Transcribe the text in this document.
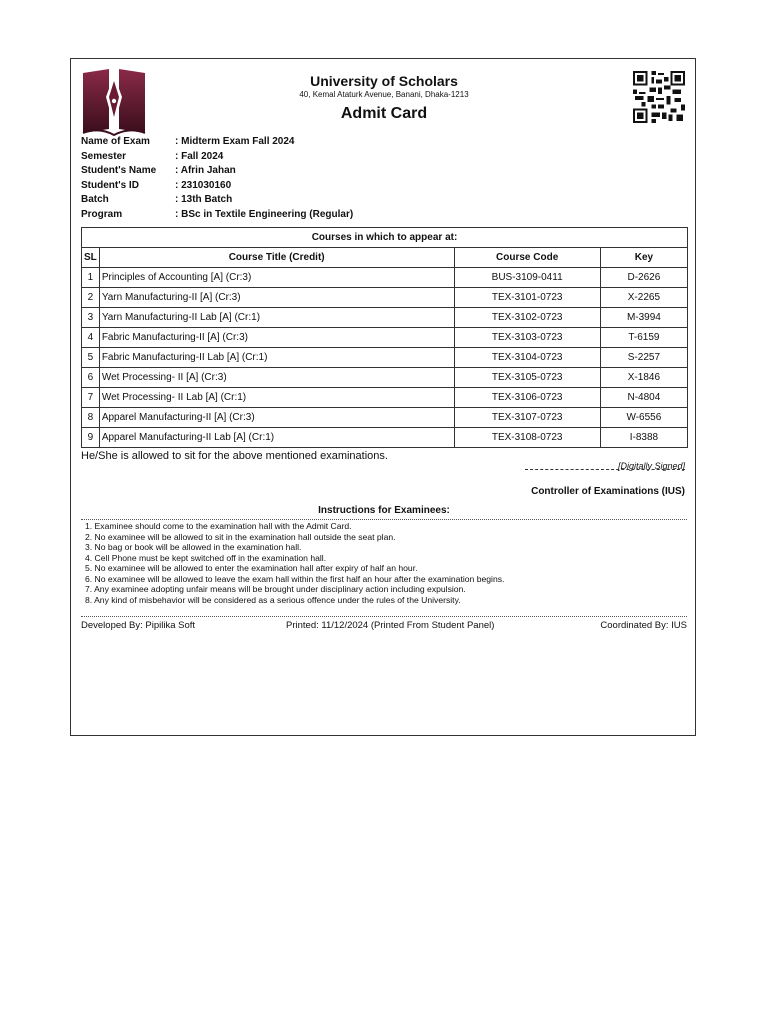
University of Scholars
40, Kemal Ataturk Avenue, Banani, Dhaka-1213
Admit Card
Name of Exam	: Midterm Exam Fall 2024
Semester	: Fall 2024
Student's Name : Afrin Jahan
Student's ID	: 231030160
Batch	: 13th Batch
Program	: BSc in Textile Engineering (Regular)
Courses in which to appear at:			
SL	Course Title (Credit)	Course Code	Key
1	Principles of Accounting [A] (Cr:3)	BUS-3109-0411	D-2626
2	Yarn Manufacturing-II [A] (Cr:3)	TEX-3101-0723	X-2265
3	Yarn Manufacturing-II Lab [A] (Cr:1)	TEX-3102-0723	M-3994
4	Fabric Manufacturing-II [A] (Cr:3)	TEX-3103-0723	T-6159
5	Fabric Manufacturing-II Lab [A] (Cr:1)	TEX-3104-0723	S-2257
6	Wet Processing- II [A] (Cr:3)	TEX-3105-0723	X-1846
7	Wet Processing- II Lab [A] (Cr:1)	TEX-3106-0723	N-4804
8	Apparel Manufacturing-II [A] (Cr:3)	TEX-3107-0723	W-6556
9	Apparel Manufacturing-II Lab [A] (Cr:1)	TEX-3108-0723	I-8388
He/She is allowed to sit for the above mentioned examinations.
[Digitally Signed]
Controller of Examinations (IUS)
Instructions for Examinees:
1. Examinee should come to the examination hall with the Admit Card.
2. No examinee will be allowed to sit in the examination hall outside the seat plan.
3. No bag or book will be allowed in the examination hall.
4. Cell Phone must be kept switched off in the examination hall.
5. No examinee will be allowed to enter the examination hall after expiry of half an hour.
6. No examinee will be allowed to leave the exam hall within the first half an hour after the examination begins.
7. Any examinee adopting unfair means will be brought under disciplinary action including expulsion.
8. Any kind of misbehavior will be considered as a serious offence under the rules of the University.
Developed By: Pipilika Soft	Printed: 11/12/2024 (Printed From Student Panel)	Coordinated By: IUS
